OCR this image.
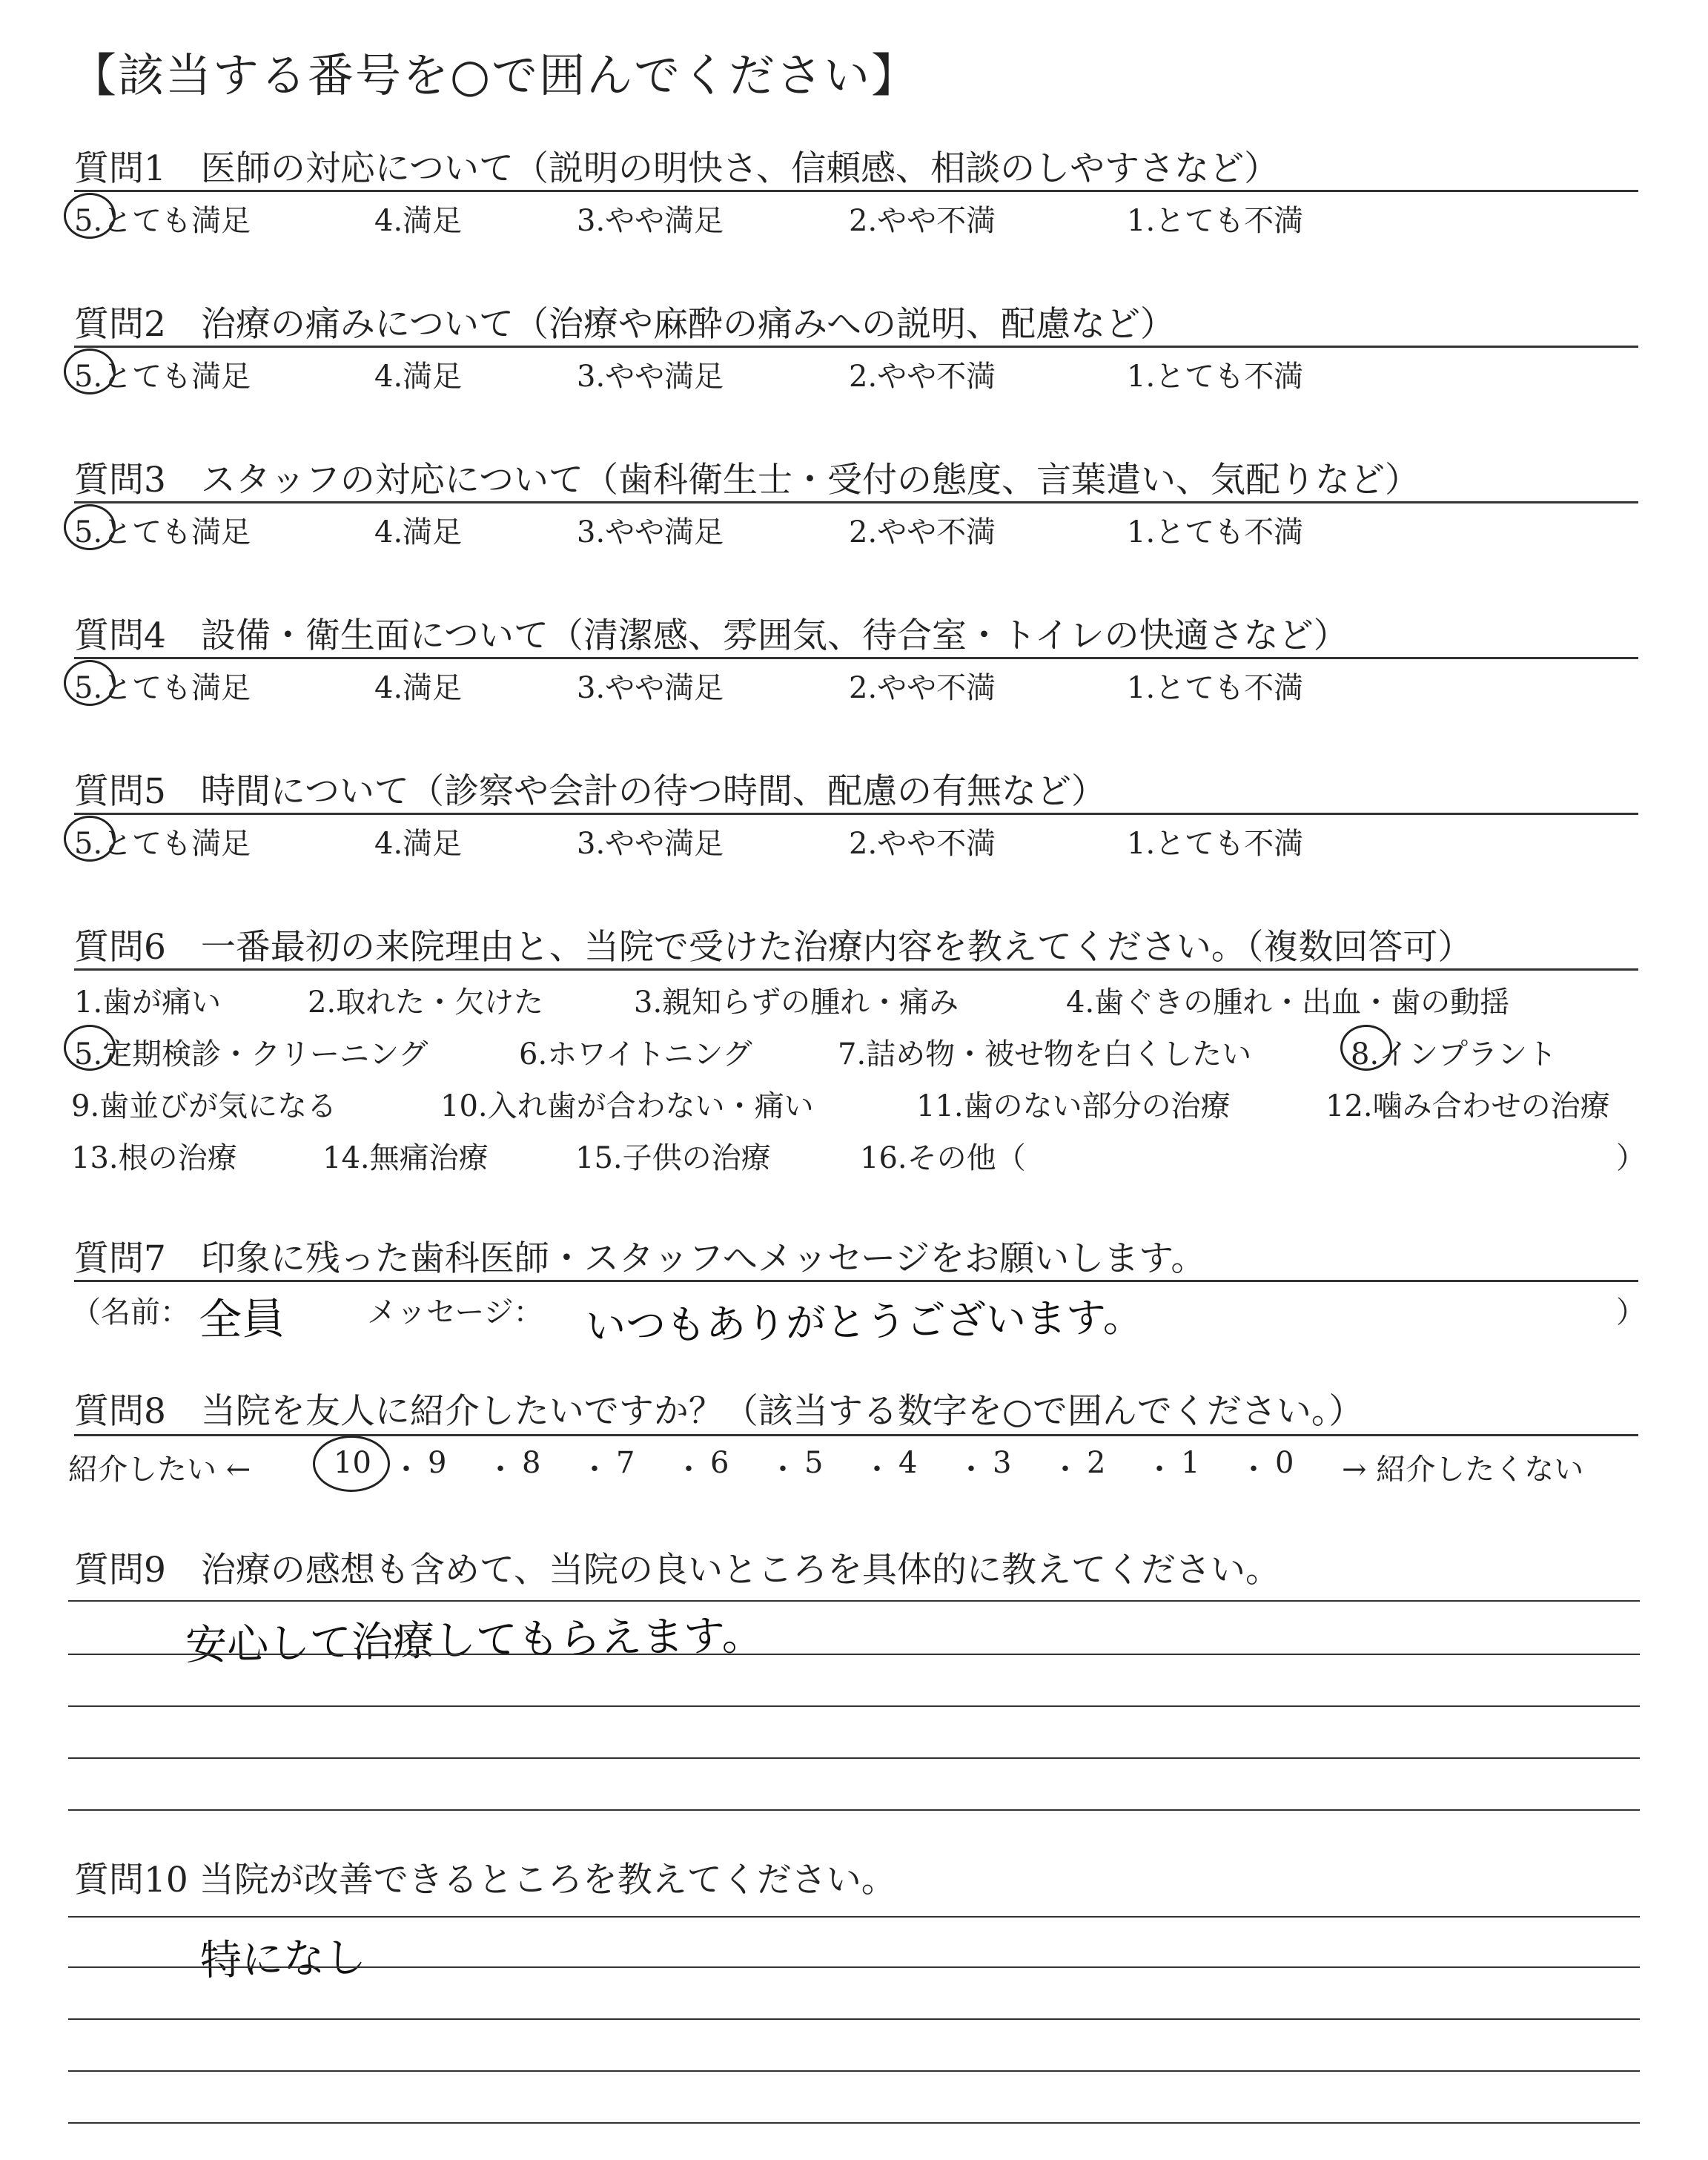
【該当する番号を○で囲んでください】
質問1　医師の対応について（説明の明快さ、信頼感、相談のしやすさなど）
5.とても満足	4.満足	3.やや満足	2.やや不満	1.とても不満
質問2　治療の痛みについて（治療や麻酔の痛みへの説明、配慮など）
5.とても満足	4.満足	3.やや満足	2.やや不満	1.とても不満
質問3　スタッフの対応について（歯科衛生士・受付の態度、言葉遣い、気配りなど）
5.とても満足	4.満足	3.やや満足	2.やや不満	1.とても不満
質問4　設備・衛生面について（清潔感、雰囲気、待合室・トイレの快適さなど）
5.とても満足	4.満足	3.やや満足	2.やや不満	1.とても不満
質問5　時間について（診察や会計の待つ時間、配慮の有無など）
5.とても満足	4.満足	3.やや満足	2.やや不満	1.とても不満
質問6　一番最初の来院理由と、当院で受けた治療内容を教えてください。（複数回答可）
1.歯が痛い	2.取れた・欠けた	3.親知らずの腫れ・痛み	4.歯ぐきの腫れ・出血・歯の動揺
5.定期検診・クリーニング	6.ホワイトニング	7.詰め物・被せ物を白くしたい	8.インプラント
9.歯並びが気になる	10.入れ歯が合わない・痛い	11.歯のない部分の治療	12.噛み合わせの治療
13.根の治療	14.無痛治療	15.子供の治療	16.その他（	）
質問7　印象に残った歯科医師・スタッフへメッセージをお願いします。
（名前： 全員	メッセージ： いつもありがとうございます。	）
質問8　当院を友人に紹介したいですか？（該当する数字を○で囲んでください。）
紹介したい ←	10 ・ 9 ・ 8 ・ 7 ・ 6 ・ 5 ・ 4 ・ 3 ・ 2 ・ 1 ・ 0 → 紹介したくない
質問9　治療の感想も含めて、当院の良いところを具体的に教えてください。
安心して治療してもらえます。
質問10 当院が改善できるところを教えてください。
特になし
